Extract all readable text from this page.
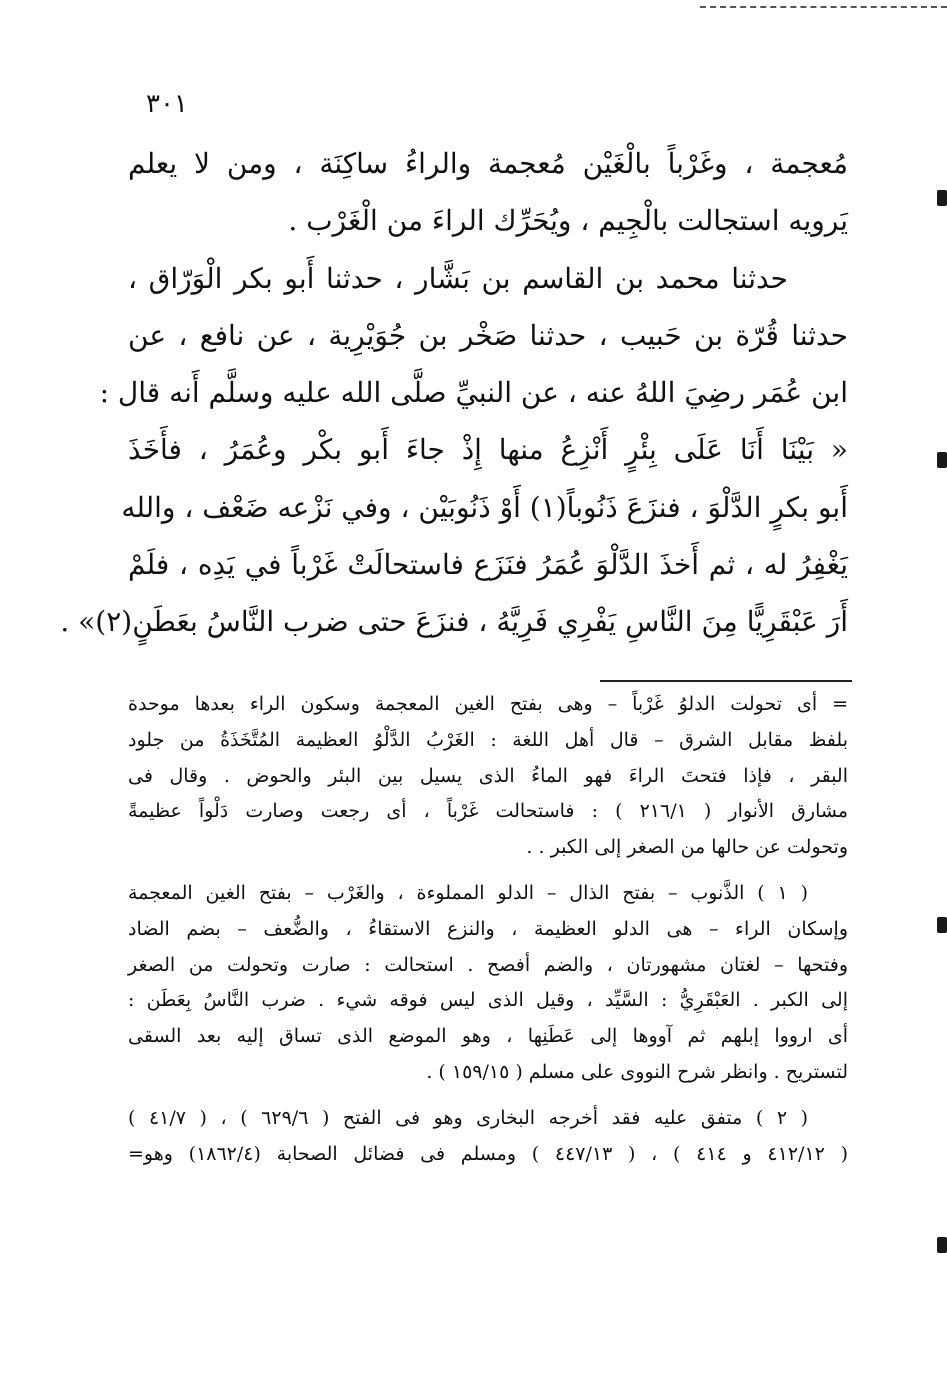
٣٠١
مُعجمة ، وغَرْباً بالْغَيْن مُعجمة والراءُ ساكِنَة ، ومن لا يعلم
يَرويه استجالت بالْجِيم ، ويُحَرِّك الراءَ من الْغَرْب .
حدثنا محمد بن القاسم بن بَشَّار ، حدثنا أَبو بكر الْوَرّاق ،
حدثنا قُرّة بن حَبيب ، حدثنا صَخْر بن جُوَيْرِية ، عن نافع ، عن
ابن عُمَر رضِيَ اللهُ عنه ، عن النبيِّ صلَّى الله عليه وسلَّم أَنه قال :
« بَيْنَا أَنَا عَلَى بِئْرٍ أَنْزِعُ منها إِذْ جاءَ أَبو بكْر وعُمَرُ ، فأَخَذَ
أَبو بكرٍ الدَّلْوَ ، فنزَعَ ذَنُوباً(١) أَوْ ذَنُوبَيْن ، وفي نَزْعه ضَعْف ، والله
يَغْفِرُ له ، ثم أَخذَ الدَّلْوَ عُمَرُ فنَزَع فاستحالَتْ غَرْباً في يَدِه ، فلَمْ
أَرَ عَبْقَرِيًّا مِنَ النَّاسِ يَفْرِي فَرِيَّهُ ، فنزَعَ حتى ضرب النَّاسُ بعَطَنٍ(٢)» .
= أى تحولت الدلوُ غَرْباً – وهى بفتح الغين المعجمة وسكون الراء بعدها موحدة
بلفظ مقابل الشرق – قال أهل اللغة : الغَرْبُ الدَّلْوُ العظيمة المُتَّخَذَةُ من جلود
البقر ، فإذا فتحتَ الراءَ فهو الماءُ الذى يسيل بين البئر والحوض . وقال فى
مشارق الأنوار ( ٢١٦/١ ) : فاستحالت غَرْباً ، أى رجعت وصارت دَلْواً عظيمةً
وتحولت عن حالها من الصغر إلى الكبر . .
( ١ ) الذَّنوب – بفتح الذال – الدلو المملوءة ، والغَرْب – بفتح الغين المعجمة
وإسكان الراء – هى الدلو العظيمة ، والنزع الاستقاءُ ، والضُّعف – بضم الضاد
وفتحها – لغتان مشهورتان ، والضم أفصح . استحالت : صارت وتحولت من الصغر
إلى الكبر . العَبْقَرِيُّ : السَّيِّد ، وقيل الذى ليس فوقه شيء . ضرب النَّاسُ بِعَطَن :
أى ارووا إبلهم ثم آووها إلى عَطَنِها ، وهو الموضع الذى تساق إليه بعد السقى
لتستريح . وانظر شرح النووى على مسلم ( ١٥٩/١٥ ) .
( ٢ ) متفق عليه فقد أخرجه البخارى وهو فى الفتح ( ٦٢٩/٦ ) ، ( ٤١/٧ )
( ٤١٢/١٢ و ٤١٤ ) ، ( ٤٤٧/١٣ ) ومسلم فى فضائل الصحابة (١٨٦٢/٤) وهو=
